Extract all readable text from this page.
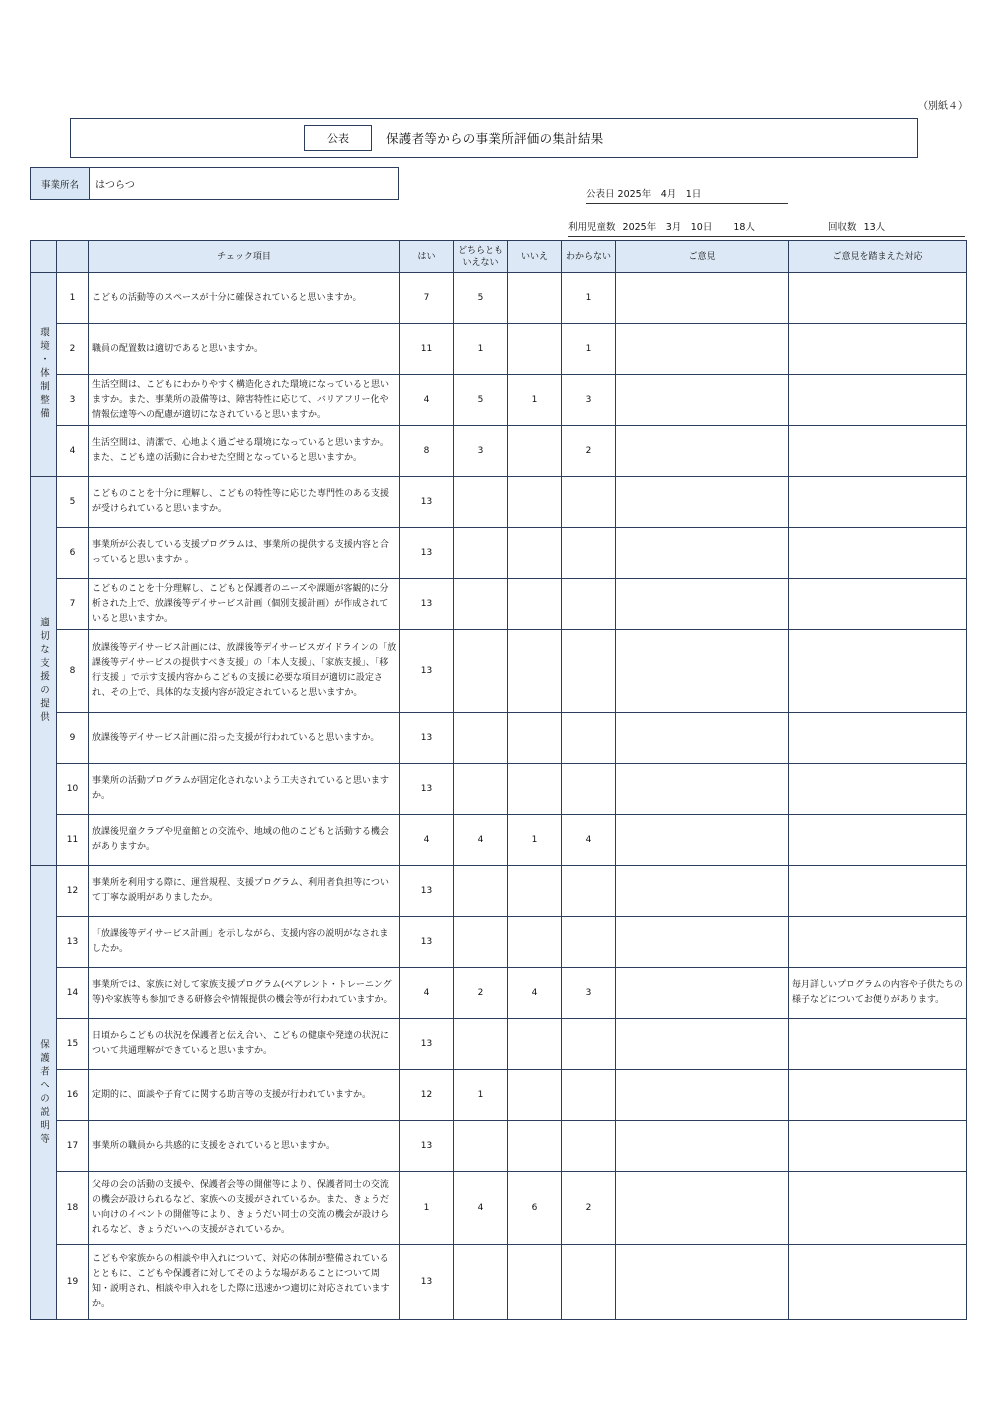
（別紙４）
公表	保護者等からの事業所評価の集計結果
事業所名	はつらつ
公表日 2025年　4月　1日
利用児童数 2025年　3月　10日 18人	回収数 13人
		チェック項目	はい	どちらとも
いえない	いいえ	わからない	ご意見	ご意見を踏まえた対応
環境・体制整備	1	こどもの活動等のスペースが十分に確保されていると思いますか。	7	5		1		
	2	職員の配置数は適切であると思いますか。	11	1		1		
	3	生活空間は、こどもにわかりやすく構造化された環境になっていると思いますか。また、事業所の設備等は、障害特性に応じて、バリアフリー化や情報伝達等への配慮が適切になされていると思いますか。	4	5	1	3		
	4	生活空間は、清潔で、心地よく過ごせる環境になっていると思いますか。また、こども達の活動に合わせた空間となっていると思いますか。	8	3		2		
適切な支援の提供	5	こどものことを十分に理解し、こどもの特性等に応じた専門性のある支援が受けられていると思いますか。	13					
	6	事業所が公表している支援プログラムは、事業所の提供する支援内容と合っていると思いますか 。	13					
	7	こどものことを十分理解し、こどもと保護者のニーズや課題が客観的に分析された上で、放課後等デイサービス計画（個別支援計画）が作成されていると思いますか。	13					
	8	放課後等デイサービス計画には、放課後等デイサービスガイドラインの「放課後等デイサービスの提供すべき支援」の「本人支援」、「家族支援」、「移行支援 」で示す支援内容からこどもの支援に必要な項目が適切に設定され、その上で、具体的な支援内容が設定されていると思いますか。	13					
	9	放課後等デイサービス計画に沿った支援が行われていると思いますか。	13					
	10	事業所の活動プログラムが固定化されないよう工夫されていると思いますか。	13					
	11	放課後児童クラブや児童館との交流や、地域の他のこどもと活動する機会がありますか。	4	4	1	4		
保護者への説明等	12	事業所を利用する際に、運営規程、支援プログラム、利用者負担等について丁寧な説明がありましたか。	13					
	13	「放課後等デイサービス計画」を示しながら、支援内容の説明がなされましたか。	13					
	14	事業所では、家族に対して家族支援プログラム(ペアレント・トレーニング等)や家族等も参加できる研修会や情報提供の機会等が行われていますか。	4	2	4	3		毎月詳しいプログラムの内容や子供たちの様子などについてお便りがあります。
	15	日頃からこどもの状況を保護者と伝え合い、こどもの健康や発達の状況について共通理解ができていると思いますか。	13					
	16	定期的に、面談や子育てに関する助言等の支援が行われていますか。	12	1				
	17	事業所の職員から共感的に支援をされていると思いますか。	13					
	18	父母の会の活動の支援や、保護者会等の開催等により、保護者同士の交流の機会が設けられるなど、家族への支援がされているか。また、きょうだい向けのイベントの開催等により、きょうだい同士の交流の機会が設けられるなど、きょうだいへの支援がされているか。	1	4	6	2		
	19	こどもや家族からの相談や申入れについて、対応の体制が整備されているとともに、こどもや保護者に対してそのような場があることについて周知・説明され、相談や申入れをした際に迅速かつ適切に対応されていますか。	13					
